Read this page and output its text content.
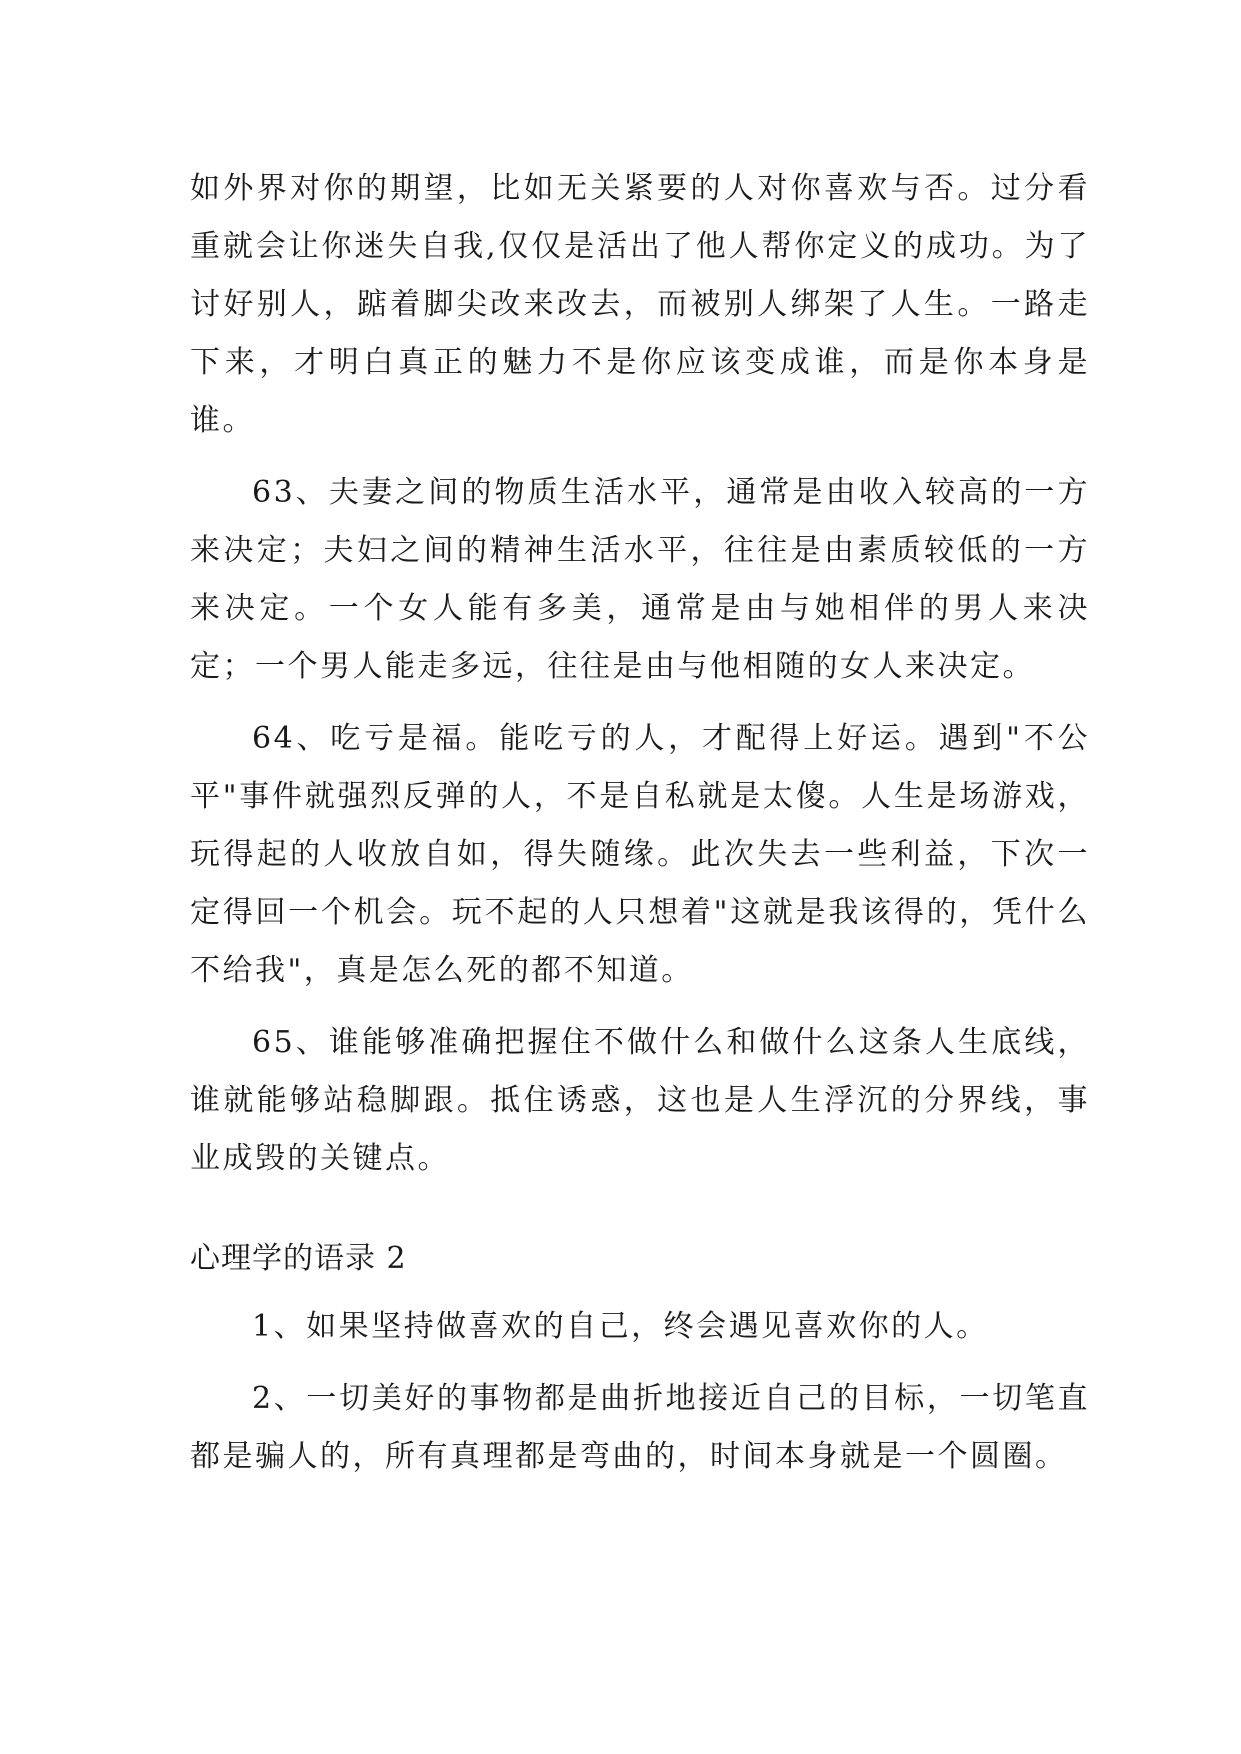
如外界对你的期望，比如无关紧要的人对你喜欢与否。过分看重就会让你迷失自我,仅仅是活出了他人帮你定义的成功。为了讨好别人，踮着脚尖改来改去，而被别人绑架了人生。一路走下来，才明白真正的魅力不是你应该变成谁，而是你本身是谁。

63、夫妻之间的物质生活水平，通常是由收入较高的一方来决定；夫妇之间的精神生活水平，往往是由素质较低的一方来决定。一个女人能有多美，通常是由与她相伴的男人来决定；一个男人能走多远，往往是由与他相随的女人来决定。

64、吃亏是福。能吃亏的人，才配得上好运。遇到"不公平"事件就强烈反弹的人，不是自私就是太傻。人生是场游戏，玩得起的人收放自如，得失随缘。此次失去一些利益，下次一定得回一个机会。玩不起的人只想着"这就是我该得的，凭什么不给我"，真是怎么死的都不知道。

65、谁能够准确把握住不做什么和做什么这条人生底线，谁就能够站稳脚跟。抵住诱惑，这也是人生浮沉的分界线，事业成毁的关键点。

心理学的语录 2

1、如果坚持做喜欢的自己，终会遇见喜欢你的人。

2、一切美好的事物都是曲折地接近自己的目标，一切笔直都是骗人的，所有真理都是弯曲的，时间本身就是一个圆圈。
